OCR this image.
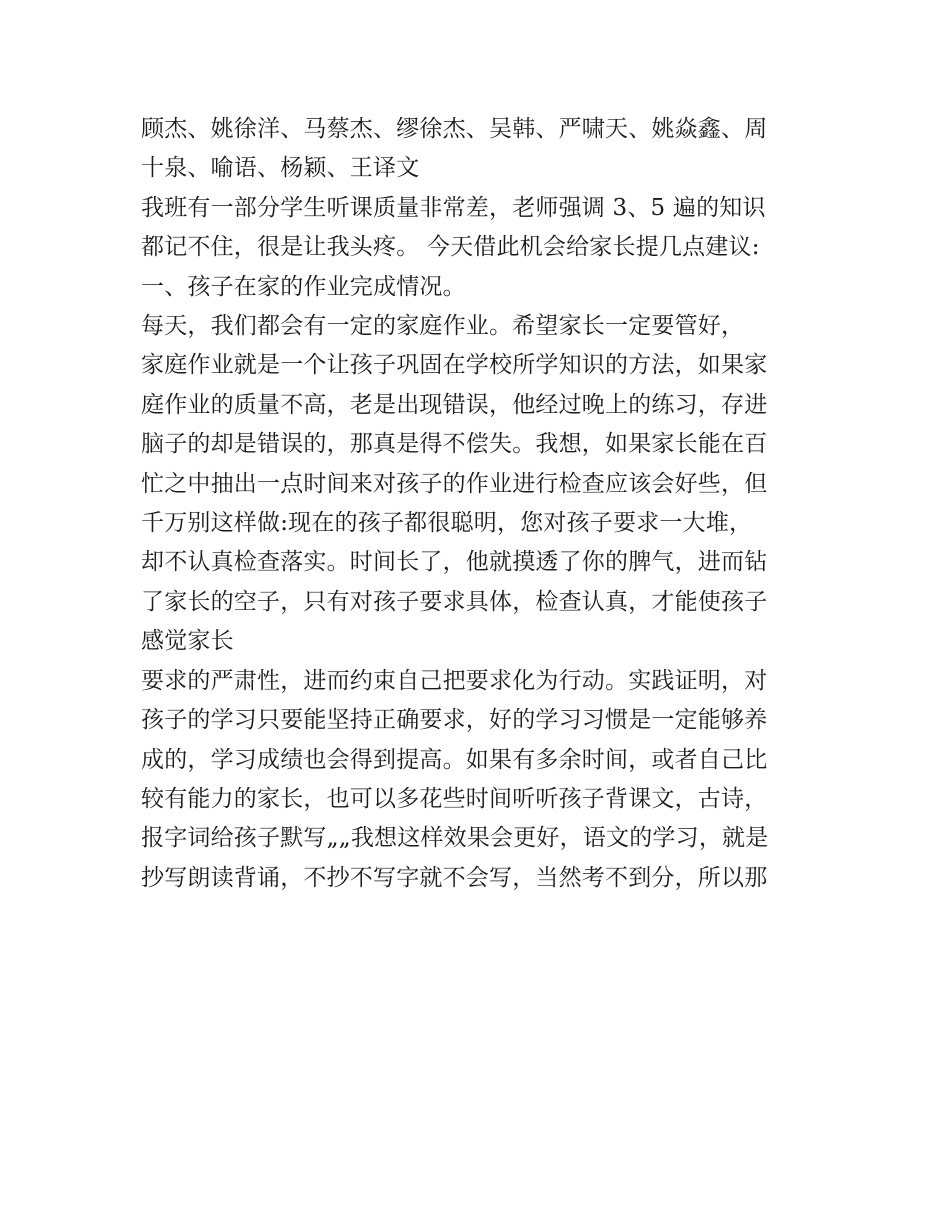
顾杰、姚徐洋、马蔡杰、缪徐杰、吴韩、严啸天、姚焱鑫、周
十泉、喻语、杨颖、王译文
我班有一部分学生听课质量非常差，老师强调 3、5 遍的知识
都记不住，很是让我头疼。 今天借此机会给家长提几点建议:
一、孩子在家的作业完成情况。
每天，我们都会有一定的家庭作业。希望家长一定要管好，
家庭作业就是一个让孩子巩固在学校所学知识的方法，如果家
庭作业的质量不高，老是出现错误，他经过晚上的练习，存进
脑子的却是错误的，那真是得不偿失。我想，如果家长能在百
忙之中抽出一点时间来对孩子的作业进行检查应该会好些，但
千万别这样做:现在的孩子都很聪明，您对孩子要求一大堆，
却不认真检查落实。时间长了，他就摸透了你的脾气，进而钻
了家长的空子，只有对孩子要求具体，检查认真，才能使孩子
感觉家长
要求的严肃性，进而约束自己把要求化为行动。实践证明，对
孩子的学习只要能坚持正确要求，好的学习习惯是一定能够养
成的，学习成绩也会得到提高。如果有多余时间，或者自己比
较有能力的家长，也可以多花些时间听听孩子背课文，古诗，
报字词给孩子默写„„我想这样效果会更好，语文的学习，就是
抄写朗读背诵，不抄不写字就不会写，当然考不到分，所以那
